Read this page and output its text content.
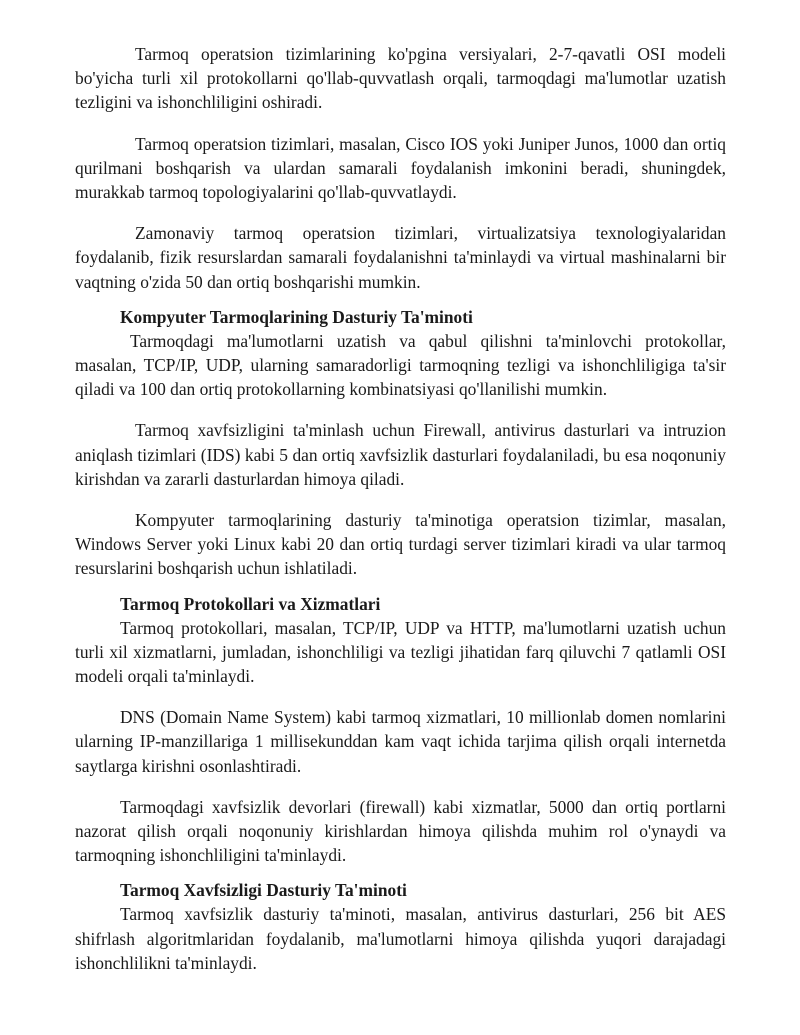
Tarmoq operatsion tizimlarining ko'pgina versiyalari, 2-7-qavatli OSI modeli bo'yicha turli xil protokollarni qo'llab-quvvatlash orqali, tarmoqdagi ma'lumotlar uzatish tezligini va ishonchliligini oshiradi.

Tarmoq operatsion tizimlari, masalan, Cisco IOS yoki Juniper Junos, 1000 dan ortiq qurilmani boshqarish va ulardan samarali foydalanish imkonini beradi, shuningdek, murakkab tarmoq topologiyalarini qo'llab-quvvatlaydi.

Zamonaviy tarmoq operatsion tizimlari, virtualizatsiya texnologiyalaridan foydalanib, fizik resurslardan samarali foydalanishni ta'minlaydi va virtual mashinalarni bir vaqtning o'zida 50 dan ortiq boshqarishi mumkin.

Kompyuter Tarmoqlarining Dasturiy Ta'minoti

Tarmoqdagi ma'lumotlarni uzatish va qabul qilishni ta'minlovchi protokollar, masalan, TCP/IP, UDP, ularning samaradorligi tarmoqning tezligi va ishonchliligiga ta'sir qiladi va 100 dan ortiq protokollarning kombinatsiyasi qo'llanilishi mumkin.

Tarmoq xavfsizligini ta'minlash uchun Firewall, antivirus dasturlari va intruzion aniqlash tizimlari (IDS) kabi 5 dan ortiq xavfsizlik dasturlari foydalaniladi, bu esa noqonuniy kirishdan va zararli dasturlardan himoya qiladi.

Kompyuter tarmoqlarining dasturiy ta'minotiga operatsion tizimlar, masalan, Windows Server yoki Linux kabi 20 dan ortiq turdagi server tizimlari kiradi va ular tarmoq resurslarini boshqarish uchun ishlatiladi.

Tarmoq Protokollari va Xizmatlari

Tarmoq protokollari, masalan, TCP/IP, UDP va HTTP, ma'lumotlarni uzatish uchun turli xil xizmatlarni, jumladan, ishonchliligi va tezligi jihatidan farq qiluvchi 7 qatlamli OSI modeli orqali ta'minlaydi.

DNS (Domain Name System) kabi tarmoq xizmatlari, 10 millionlab domen nomlarini ularning IP-manzillariga 1 millisekunddan kam vaqt ichida tarjima qilish orqali internetda saytlarga kirishni osonlashtiradi.

Tarmoqdagi xavfsizlik devorlari (firewall) kabi xizmatlar, 5000 dan ortiq portlarni nazorat qilish orqali noqonuniy kirishlardan himoya qilishda muhim rol o'ynaydi va tarmoqning ishonchliligini ta'minlaydi.

Tarmoq Xavfsizligi Dasturiy Ta'minoti

Tarmoq xavfsizlik dasturiy ta'minoti, masalan, antivirus dasturlari, 256 bit AES shifrlash algoritmlaridan foydalanib, ma'lumotlarni himoya qilishda yuqori darajadagi ishonchlilikni ta'minlaydi.
